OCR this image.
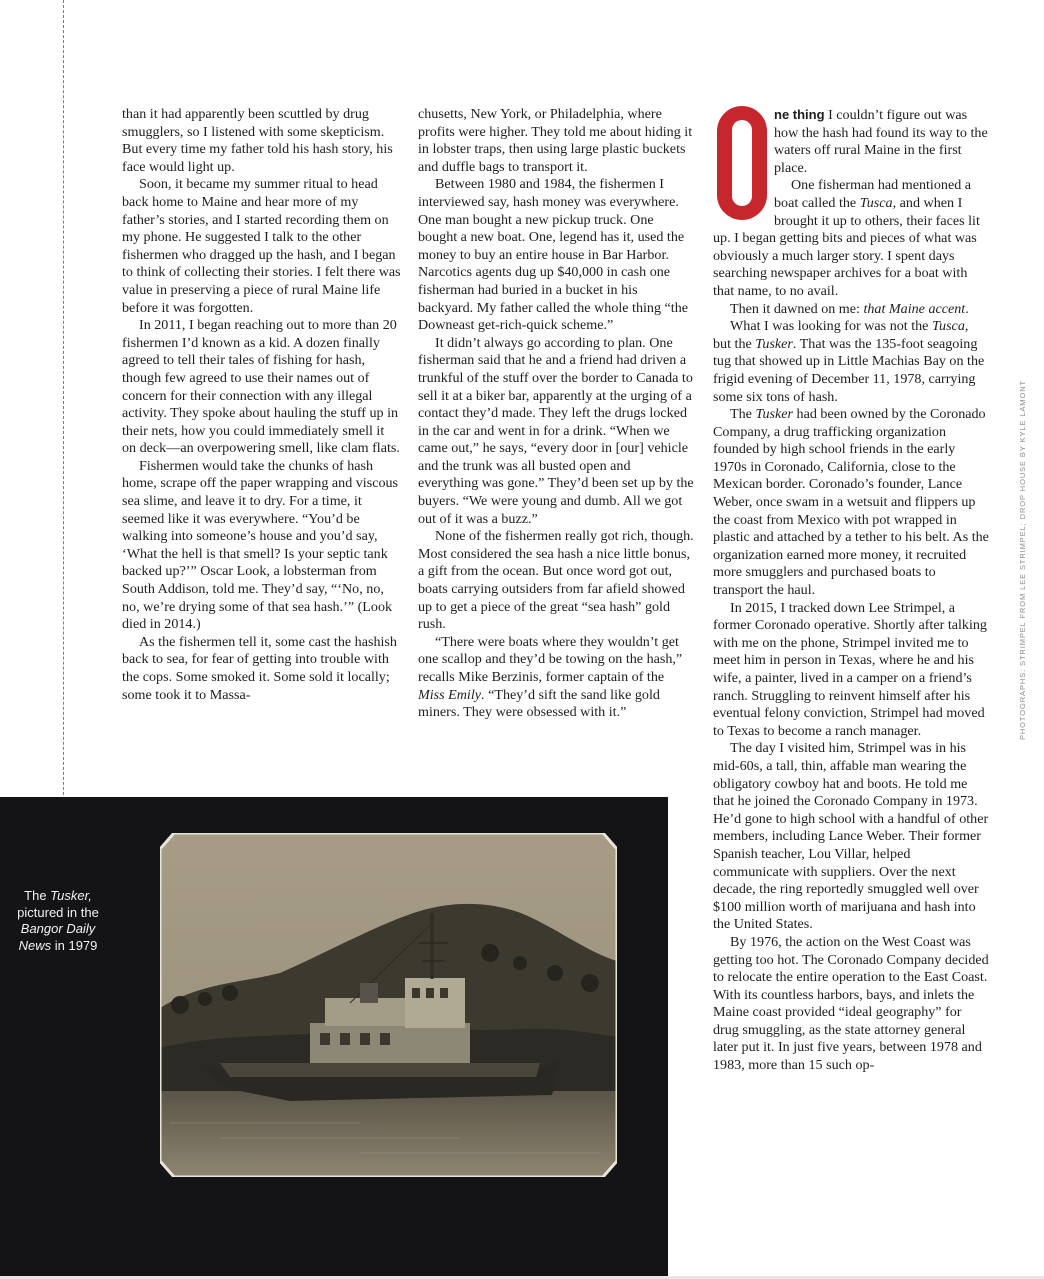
than it had apparently been scuttled by drug smugglers, so I listened with some skepticism. But every time my father told his hash story, his face would light up.

Soon, it became my summer ritual to head back home to Maine and hear more of my father’s stories, and I started recording them on my phone. He suggested I talk to the other fishermen who dragged up the hash, and I began to think of collecting their stories. I felt there was value in preserving a piece of rural Maine life before it was forgotten.

In 2011, I began reaching out to more than 20 fishermen I’d known as a kid. A dozen finally agreed to tell their tales of fishing for hash, though few agreed to use their names out of concern for their connection with any illegal activity. They spoke about hauling the stuff up in their nets, how you could immediately smell it on deck—an overpowering smell, like clam flats.

Fishermen would take the chunks of hash home, scrape off the paper wrapping and viscous sea slime, and leave it to dry. For a time, it seemed like it was everywhere. “You’d be walking into someone’s house and you’d say, ‘What the hell is that smell? Is your septic tank backed up?’” Oscar Look, a lobsterman from South Addison, told me. They’d say, “‘No, no, no, we’re drying some of that sea hash.’” (Look died in 2014.)

As the fishermen tell it, some cast the hashish back to sea, for fear of getting into trouble with the cops. Some smoked it. Some sold it locally; some took it to Massa-

chusetts, New York, or Philadelphia, where profits were higher. They told me about hiding it in lobster traps, then using large plastic buckets and duffle bags to transport it.

Between 1980 and 1984, the fishermen I interviewed say, hash money was everywhere. One man bought a new pickup truck. One bought a new boat. One, legend has it, used the money to buy an entire house in Bar Harbor. Narcotics agents dug up $40,000 in cash one fisherman had buried in a bucket in his backyard. My father called the whole thing “the Downeast get-rich-quick scheme.”

It didn’t always go according to plan. One fisherman said that he and a friend had driven a trunkful of the stuff over the border to Canada to sell it at a biker bar, apparently at the urging of a contact they’d made. They left the drugs locked in the car and went in for a drink. “When we came out,” he says, “every door in [our] vehicle and the trunk was all busted open and everything was gone.” They’d been set up by the buyers. “We were young and dumb. All we got out of it was a buzz.”

None of the fishermen really got rich, though. Most considered the sea hash a nice little bonus, a gift from the ocean. But once word got out, boats carrying outsiders from far afield showed up to get a piece of the great “sea hash” gold rush.

“There were boats where they wouldn’t get one scallop and they’d be towing on the hash,” recalls Mike Berzinis, former captain of the Miss Emily. “They’d sift the sand like gold miners. They were obsessed with it.”

O
ne thing I couldn’t figure out was how the hash had found its way to the waters off rural Maine in the first place.

One fisherman had mentioned a boat called the Tusca, and when I brought it up to others, their faces lit up. I began getting bits and pieces of what was obviously a much larger story. I spent days searching newspaper archives for a boat with that name, to no avail.

Then it dawned on me: that Maine accent.

What I was looking for was not the Tusca, but the Tusker. That was the 135-foot seagoing tug that showed up in Little Machias Bay on the frigid evening of December 11, 1978, carrying some six tons of hash.

The Tusker had been owned by the Coronado Company, a drug trafficking organization founded by high school friends in the early 1970s in Coronado, California, close to the Mexican border. Coronado’s founder, Lance Weber, once swam in a wetsuit and flippers up the coast from Mexico with pot wrapped in plastic and attached by a tether to his belt. As the organization earned more money, it recruited more smugglers and purchased boats to transport the haul.

In 2015, I tracked down Lee Strimpel, a former Coronado operative. Shortly after talking with me on the phone, Strimpel invited me to meet him in person in Texas, where he and his wife, a painter, lived in a camper on a friend’s ranch. Struggling to reinvent himself after his eventual felony conviction, Strimpel had moved to Texas to become a ranch manager.

The day I visited him, Strimpel was in his mid-60s, a tall, thin, affable man wearing the obligatory cowboy hat and boots. He told me that he joined the Coronado Company in 1973. He’d gone to high school with a handful of other members, including Lance Weber. Their former Spanish teacher, Lou Villar, helped communicate with suppliers. Over the next decade, the ring reportedly smuggled well over $100 million worth of marijuana and hash into the United States.

By 1976, the action on the West Coast was getting too hot. The Coronado Company decided to relocate the entire operation to the East Coast. With its countless harbors, bays, and inlets the Maine coast provided “ideal geography” for drug smuggling, as the state attorney general later put it. In just five years, between 1978 and 1983, more than 15 such op-

PHOTOGRAPHS: STRIMPEL FROM LEE STRIMPEL; DROP HOUSE BY KYLE LAMONT
The Tusker, pictured in the Bangor Daily News in 1979
